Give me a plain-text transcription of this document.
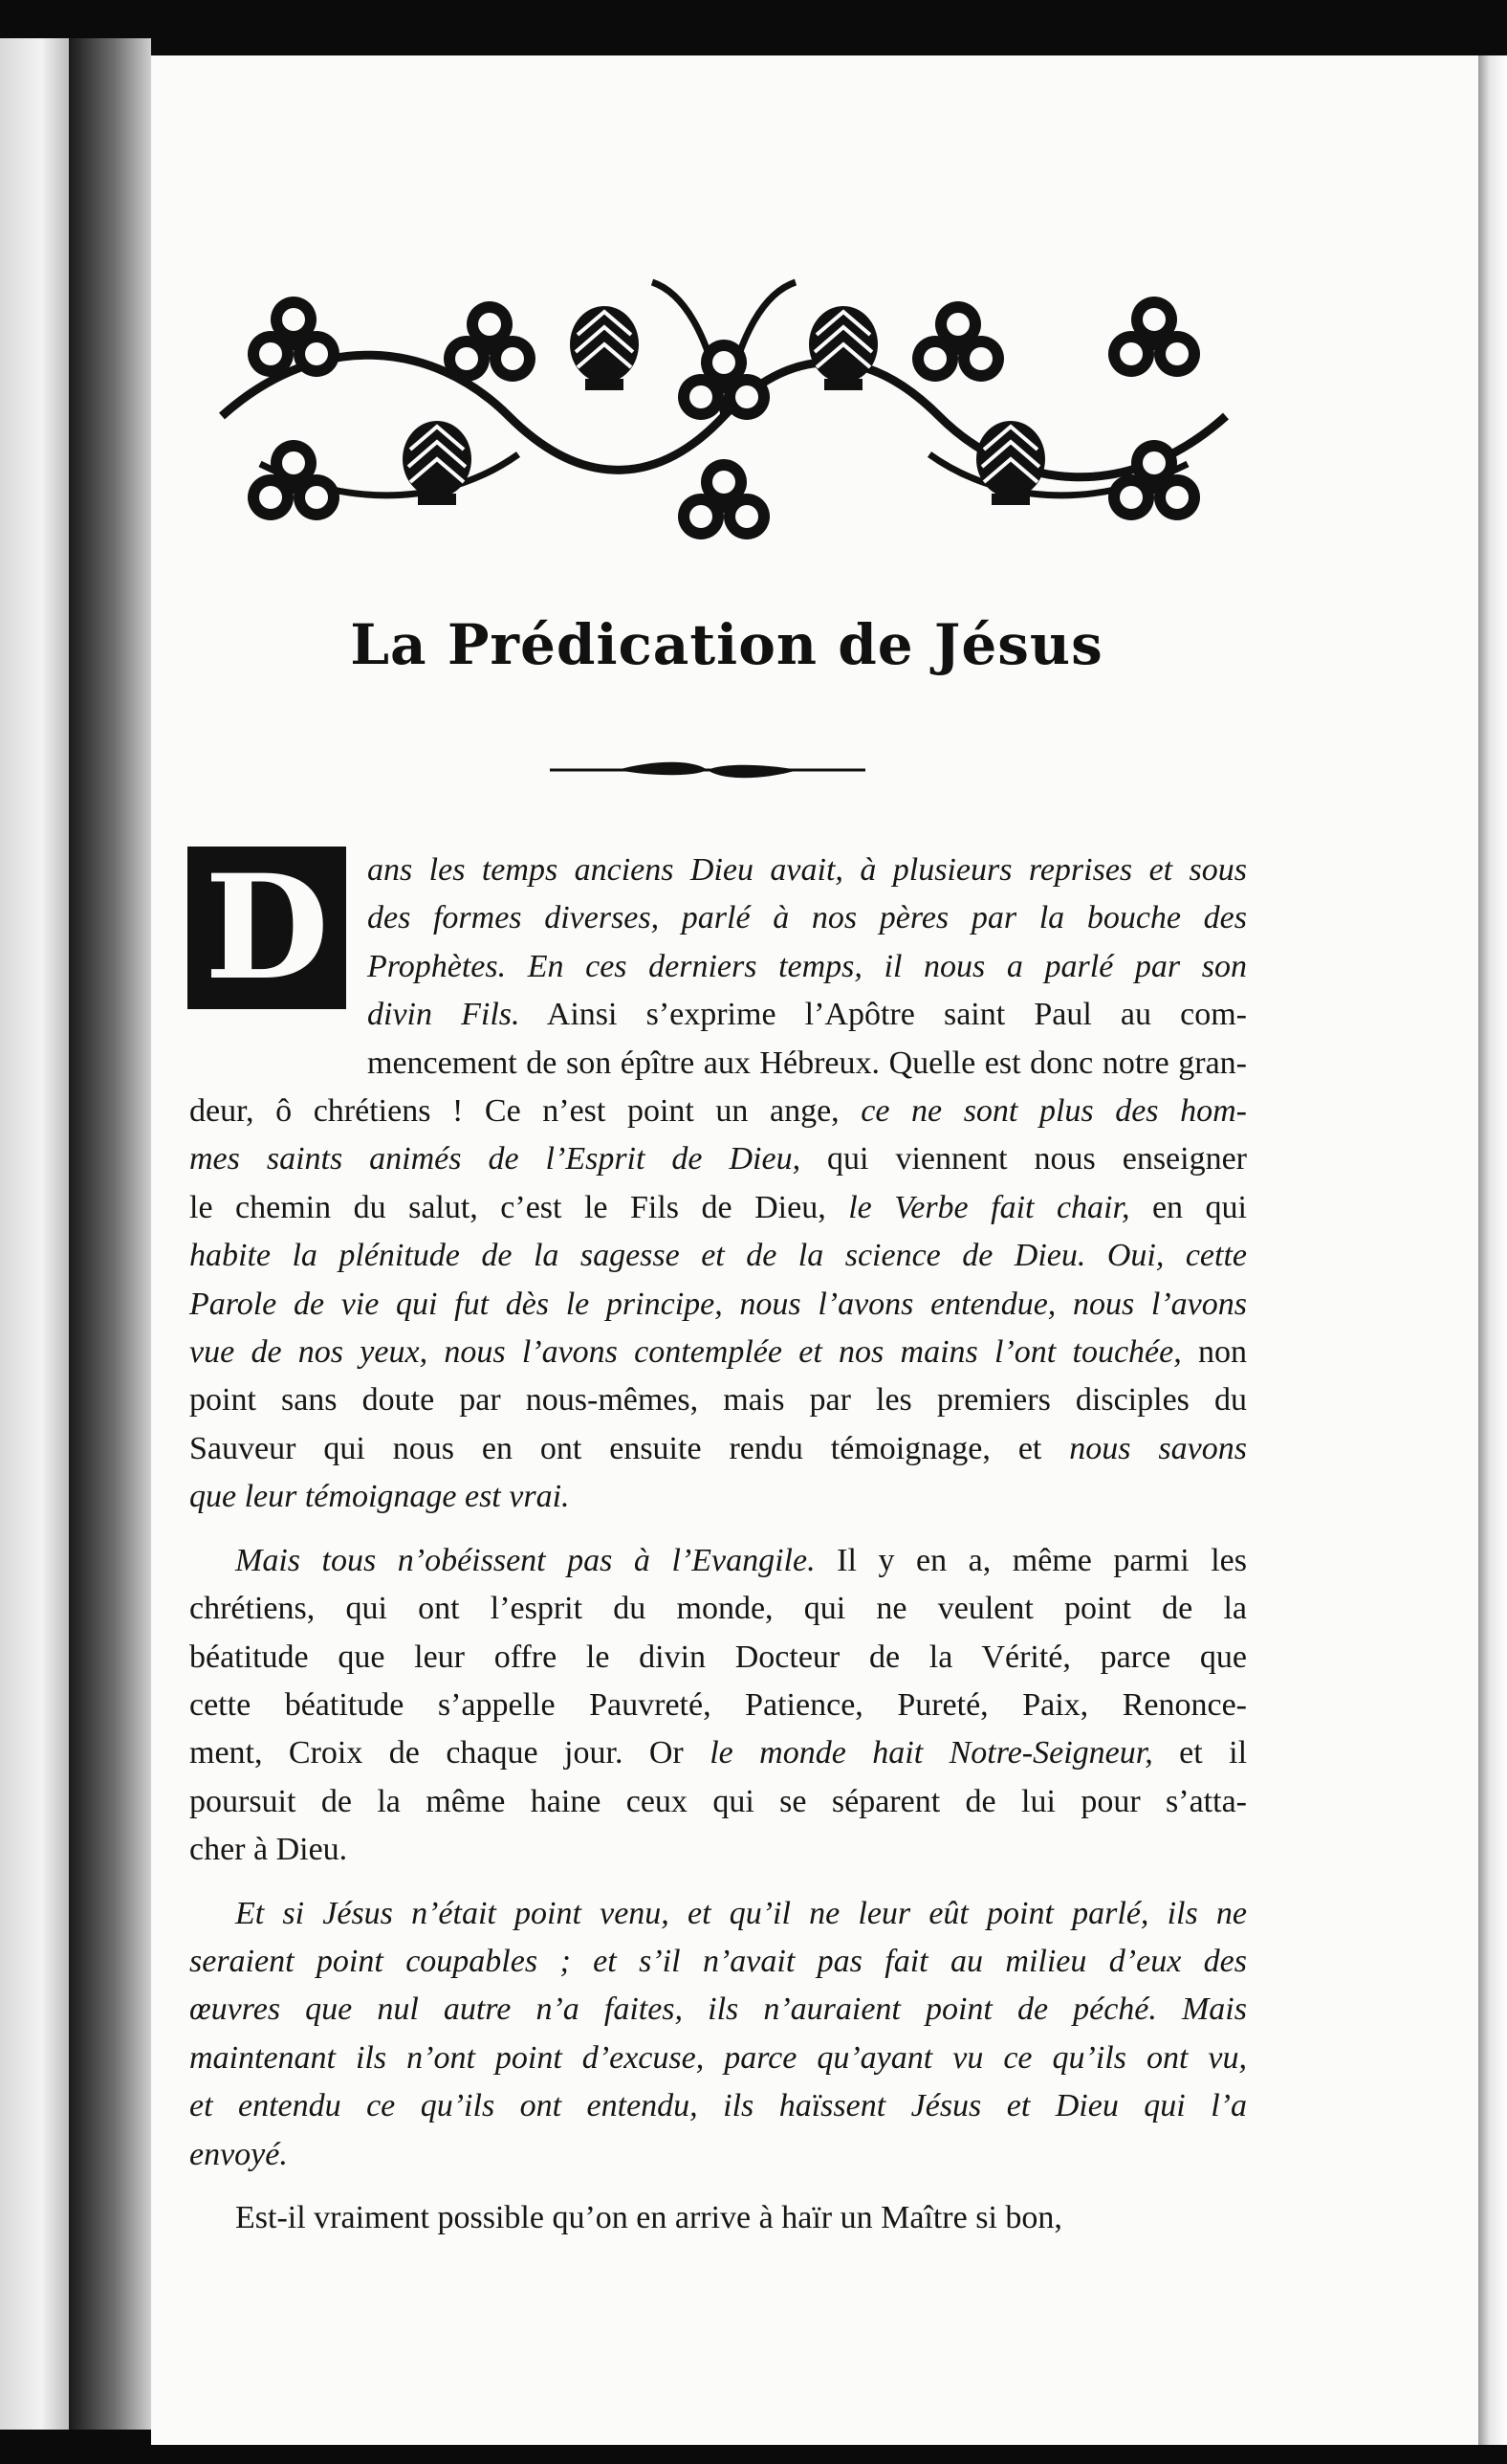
La Prédication de Jésus
D	ans les temps anciens Dieu avait, à plusieurs reprises et sous
des formes diverses, parlé à nos pères par la bouche des
Prophètes. En ces derniers temps, il nous a parlé par son
divin Fils. Ainsi s’exprime l’Apôtre saint Paul au com-
mencement de son épître aux Hébreux. Quelle est donc notre gran-
deur, ô chrétiens ! Ce n’est point un ange, ce ne sont plus des hom-
mes saints animés de l’Esprit de Dieu, qui viennent nous enseigner
le chemin du salut, c’est le Fils de Dieu, le Verbe fait chair, en qui
habite la plénitude de la sagesse et de la science de Dieu. Oui, cette
Parole de vie qui fut dès le principe, nous l’avons entendue, nous l’avons
vue de nos yeux, nous l’avons contemplée et nos mains l’ont touchée, non
point sans doute par nous-mêmes, mais par les premiers disciples du
Sauveur qui nous en ont ensuite rendu témoignage, et nous savons
que leur témoignage est vrai.
Mais tous n’obéissent pas à l’Evangile. Il y en a, même parmi les
chrétiens, qui ont l’esprit du monde, qui ne veulent point de la
béatitude que leur offre le divin Docteur de la Vérité, parce que
cette béatitude s’appelle Pauvreté, Patience, Pureté, Paix, Renonce-
ment, Croix de chaque jour. Or le monde hait Notre-Seigneur, et il
poursuit de la même haine ceux qui se séparent de lui pour s’atta-
cher à Dieu.
Et si Jésus n’était point venu, et qu’il ne leur eût point parlé, ils ne
seraient point coupables ; et s’il n’avait pas fait au milieu d’eux des
œuvres que nul autre n’a faites, ils n’auraient point de péché. Mais
maintenant ils n’ont point d’excuse, parce qu’ayant vu ce qu’ils ont vu,
et entendu ce qu’ils ont entendu, ils haïssent Jésus et Dieu qui l’a
envoyé.
Est-il vraiment possible qu’on en arrive à haïr un Maître si bon,
